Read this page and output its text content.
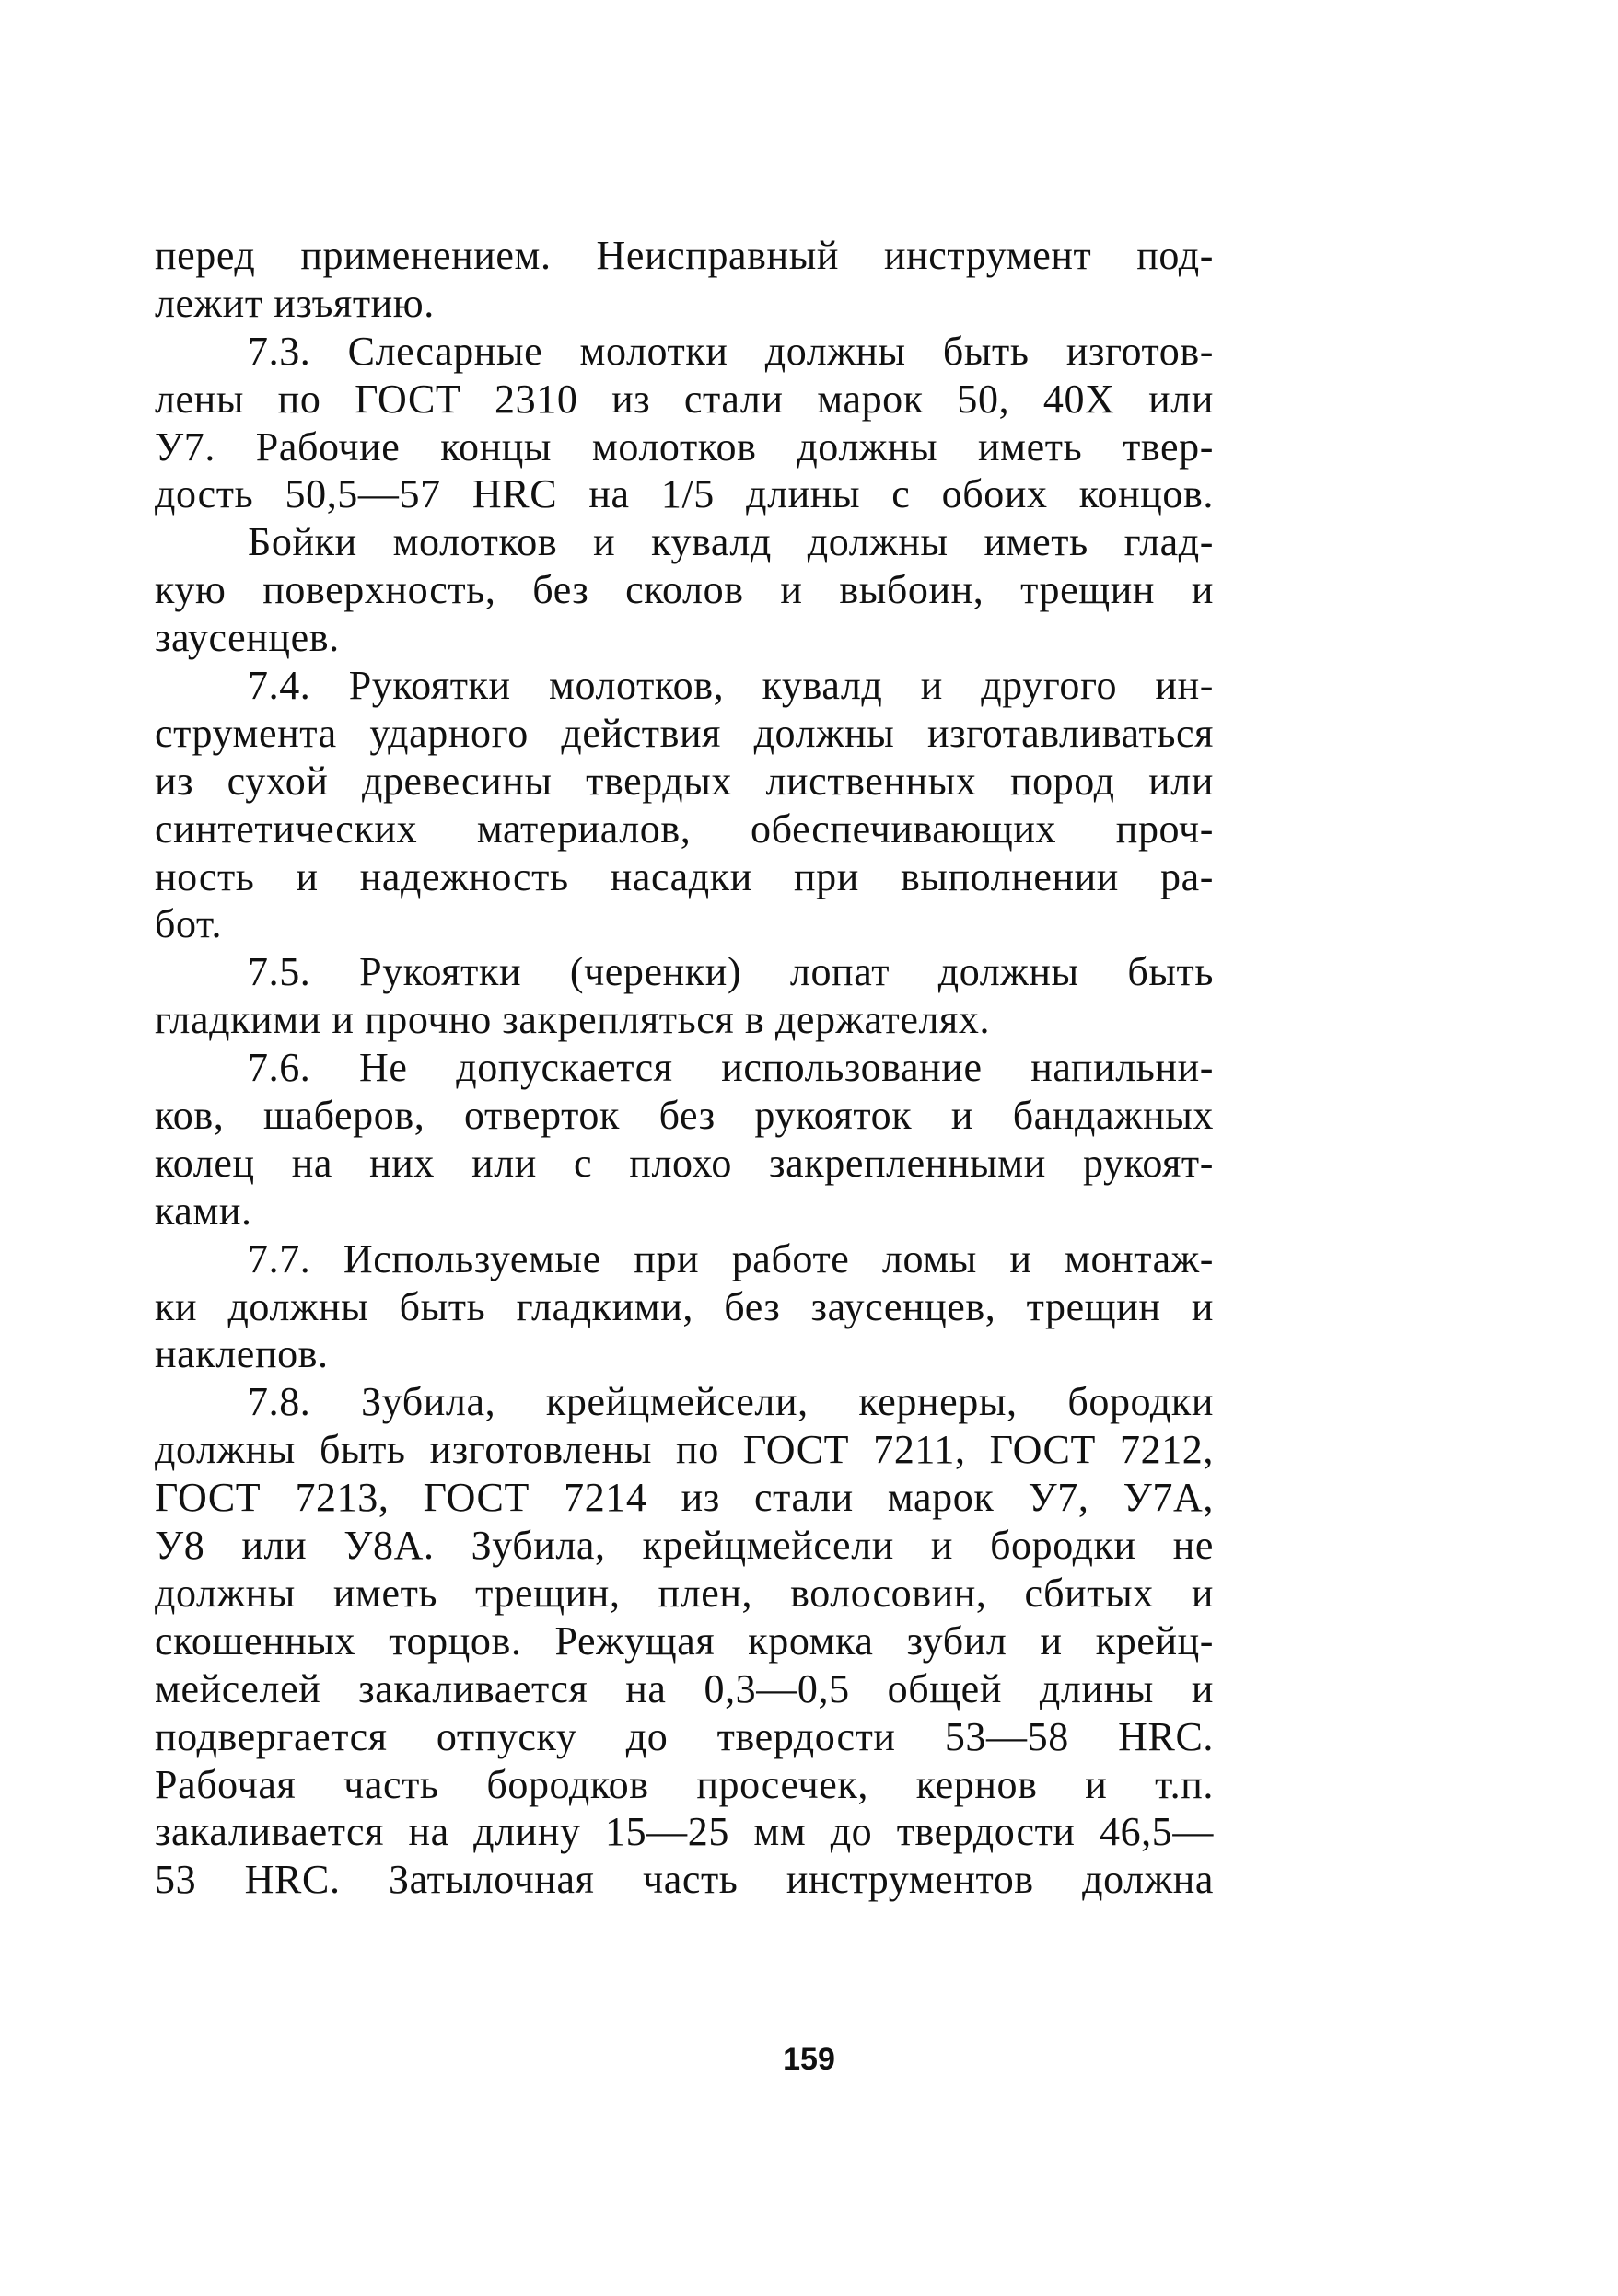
перед применением. Неисправный инструмент под-
лежит изъятию.
7.3. Слесарные молотки должны быть изготов-
лены по ГОСТ 2310 из стали марок 50, 40Х или
У7. Рабочие концы молотков должны иметь твер-
дость 50,5—57 HRC на 1/5 длины с обоих концов.
Бойки молотков и кувалд должны иметь глад-
кую поверхность, без сколов и выбоин, трещин и
заусенцев.
7.4. Рукоятки молотков, кувалд и другого ин-
струмента ударного действия должны изготавливаться
из сухой древесины твердых лиственных пород или
синтетических материалов, обеспечивающих проч-
ность и надежность насадки при выполнении ра-
бот.
7.5. Рукоятки (черенки) лопат должны быть
гладкими и прочно закрепляться в держателях.
7.6. Не допускается использование напильни-
ков, шаберов, отверток без рукояток и бандажных
колец на них или с плохо закрепленными рукоят-
ками.
7.7. Используемые при работе ломы и монтаж-
ки должны быть гладкими, без заусенцев, трещин и
наклепов.
7.8. Зубила, крейцмейсели, кернеры, бородки
должны быть изготовлены по ГОСТ 7211, ГОСТ 7212,
ГОСТ 7213, ГОСТ 7214 из стали марок У7, У7А,
У8 или У8А. Зубила, крейцмейсели и бородки не
должны иметь трещин, плен, волосовин, сбитых и
скошенных торцов. Режущая кромка зубил и крейц-
мейселей закаливается на 0,3—0,5 общей длины и
подвергается отпуску до твердости 53—58 HRC.
Рабочая часть бородков просечек, кернов и т.п.
закаливается на длину 15—25 мм до твердости 46,5—
53 HRC. Затылочная часть инструментов должна
159
